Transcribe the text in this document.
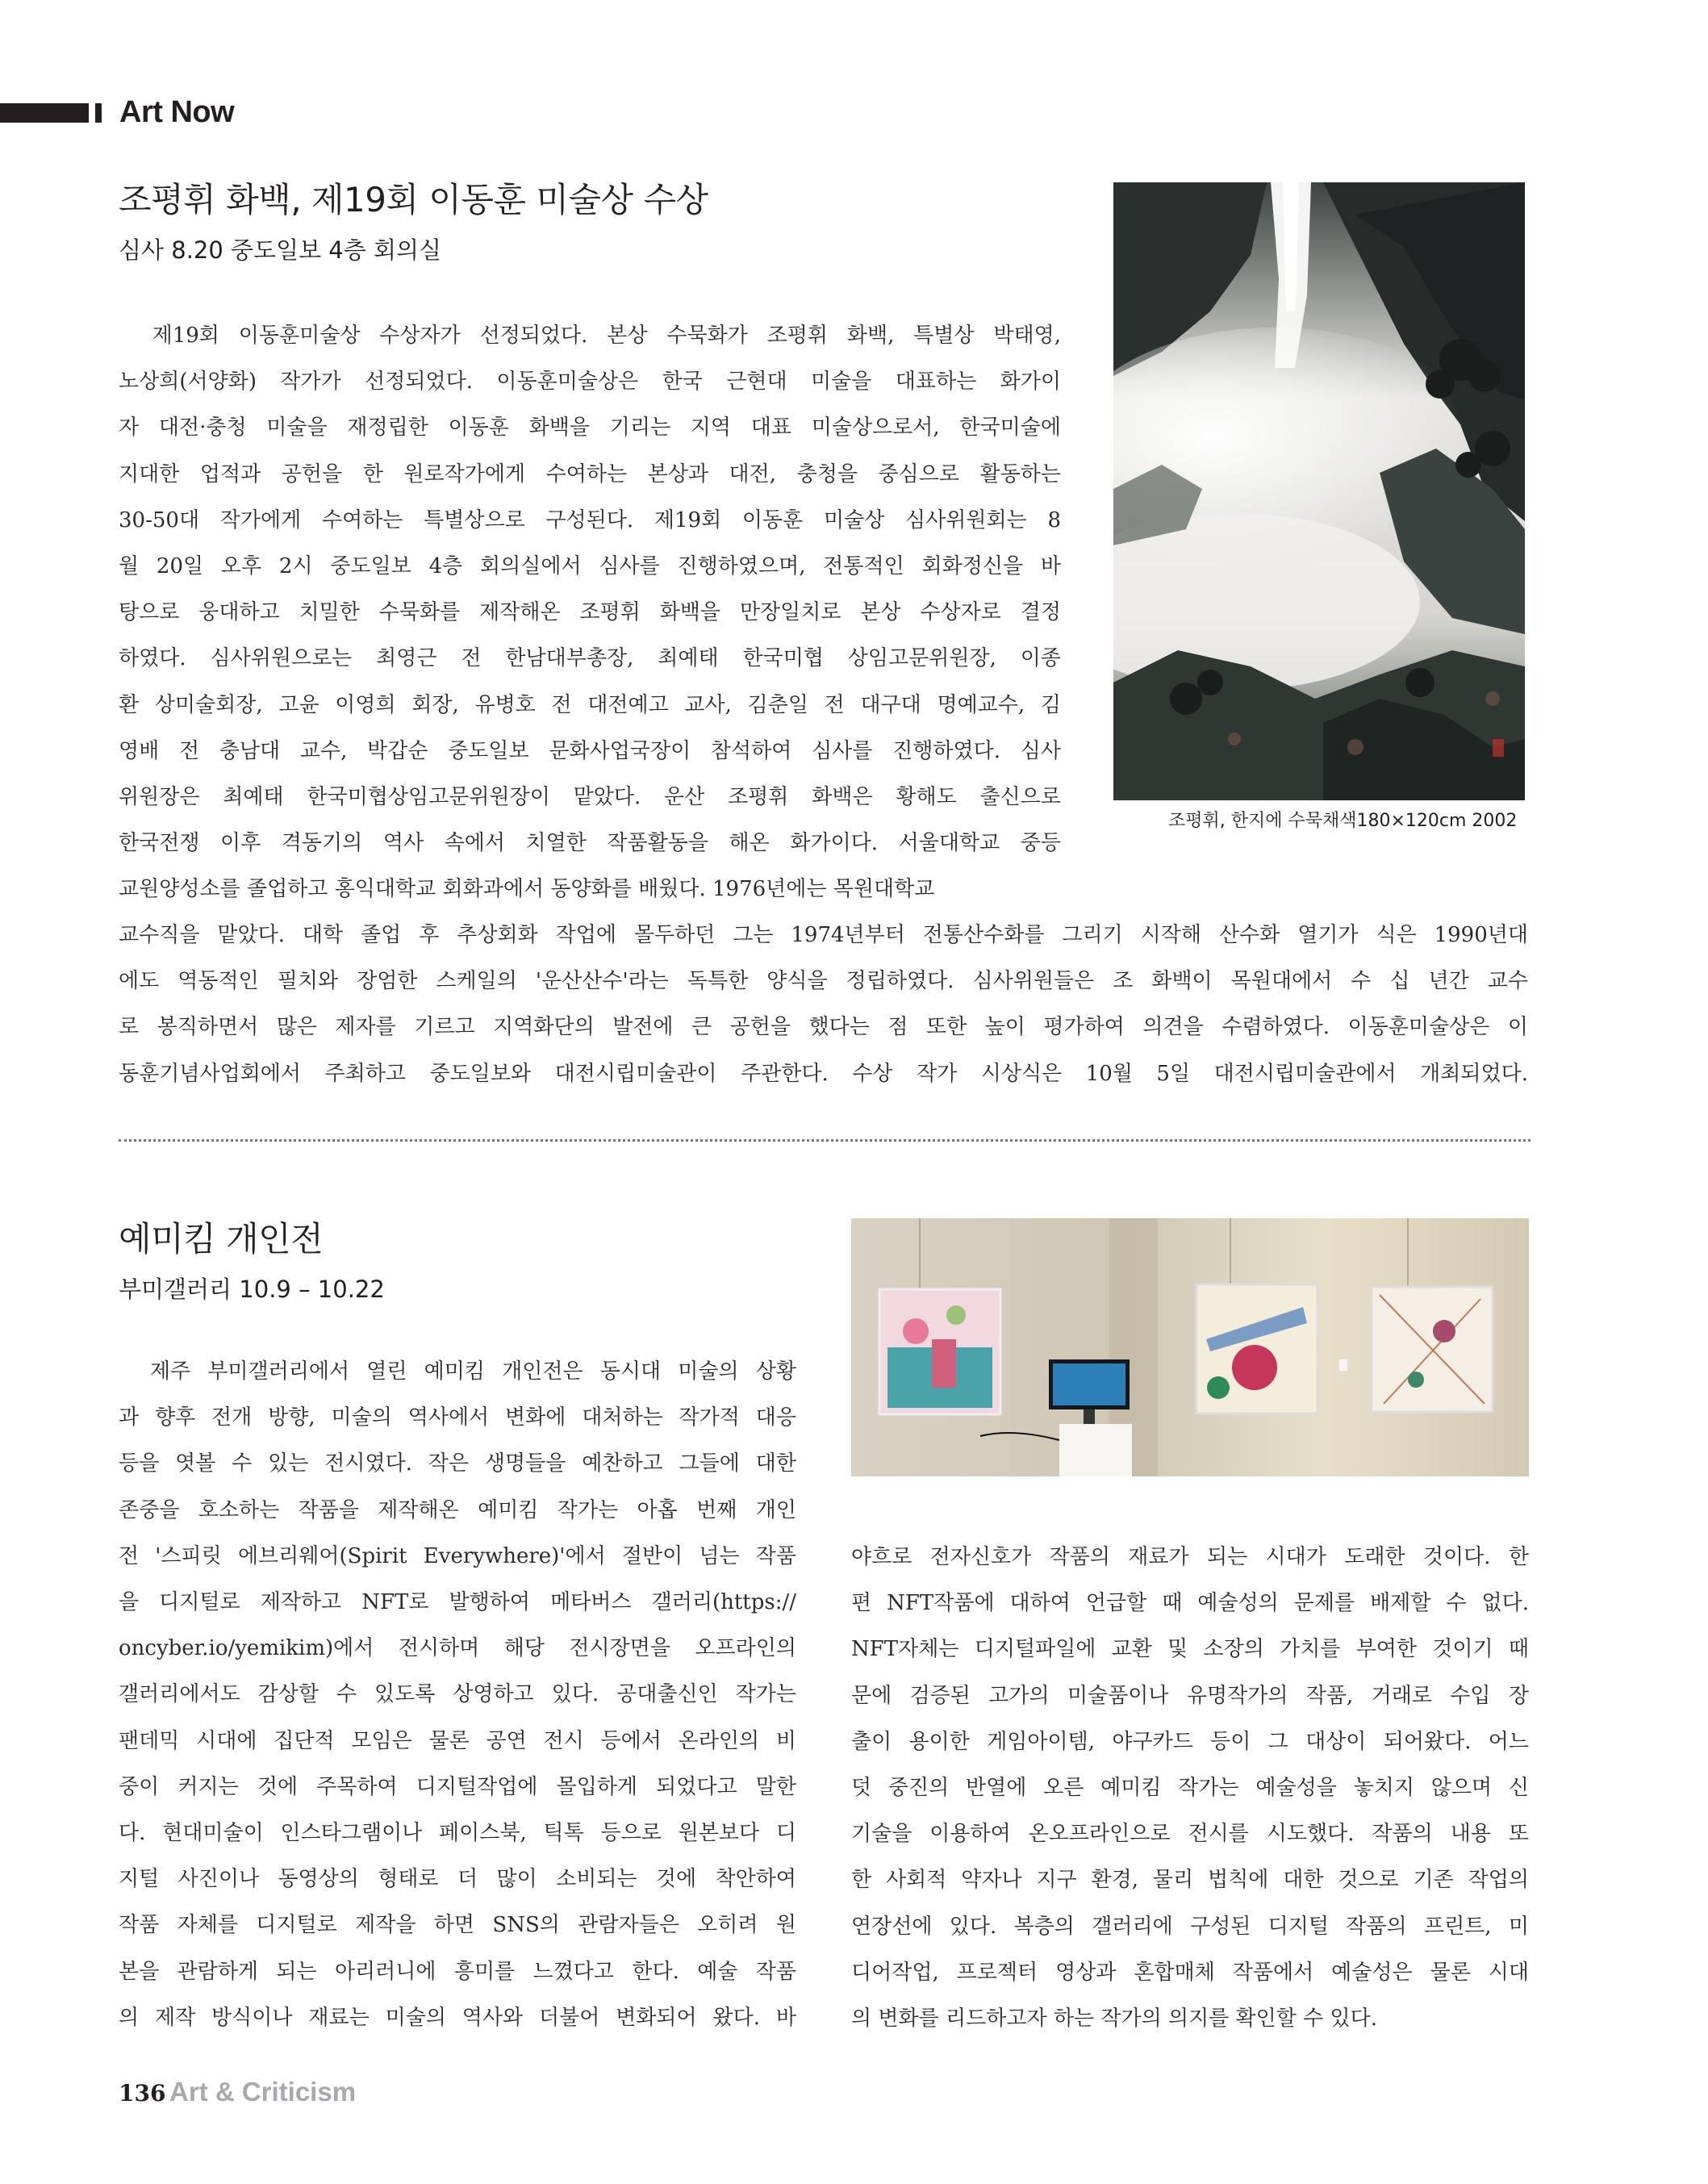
Art Now
조평휘 화백, 제19회 이동훈 미술상 수상
심사 8.20 중도일보 4층 회의실
　제19회 이동훈미술상 수상자가 선정되었다. 본상 수묵화가 조평휘 화백, 특별상 박태영,
노상희(서양화) 작가가 선정되었다. 이동훈미술상은 한국 근현대 미술을 대표하는 화가이
자 대전·충청 미술을 재정립한 이동훈 화백을 기리는 지역 대표 미술상으로서, 한국미술에
지대한 업적과 공헌을 한 원로작가에게 수여하는 본상과 대전, 충청을 중심으로 활동하는
30-50대 작가에게 수여하는 특별상으로 구성된다. 제19회 이동훈 미술상 심사위원회는 8
월 20일 오후 2시 중도일보 4층 회의실에서 심사를 진행하였으며, 전통적인 회화정신을 바
탕으로 웅대하고 치밀한 수묵화를 제작해온 조평휘 화백을 만장일치로 본상 수상자로 결정
하였다. 심사위원으로는 최영근 전 한남대부총장, 최예태 한국미협 상임고문위원장, 이종
환 상미술회장, 고윤 이영희 회장, 유병호 전 대전예고 교사, 김춘일 전 대구대 명예교수, 김
영배 전 충남대 교수, 박갑순 중도일보 문화사업국장이 참석하여 심사를 진행하였다. 심사
위원장은 최예태 한국미협상임고문위원장이 맡았다. 운산 조평휘 화백은 황해도 출신으로
한국전쟁 이후 격동기의 역사 속에서 치열한 작품활동을 해온 화가이다. 서울대학교 중등
교원양성소를 졸업하고 홍익대학교 회화과에서 동양화를 배웠다. 1976년에는 목원대학교
조평휘, 한지에 수묵채색180×120cm 2002
교수직을 맡았다. 대학 졸업 후 추상회화 작업에 몰두하던 그는 1974년부터 전통산수화를 그리기 시작해 산수화 열기가 식은 1990년대
에도 역동적인 필치와 장엄한 스케일의 '운산산수'라는 독특한 양식을 정립하였다. 심사위원들은 조 화백이 목원대에서 수 십 년간 교수
로 봉직하면서 많은 제자를 기르고 지역화단의 발전에 큰 공헌을 했다는 점 또한 높이 평가하여 의견을 수렴하였다. 이동훈미술상은 이
동훈기념사업회에서 주최하고 중도일보와 대전시립미술관이 주관한다. 수상 작가 시상식은 10월 5일 대전시립미술관에서 개최되었다.
예미킴 개인전
부미갤러리 10.9 – 10.22
　제주 부미갤러리에서 열린 예미킴 개인전은 동시대 미술의 상황
과 향후 전개 방향, 미술의 역사에서 변화에 대처하는 작가적 대응
등을 엿볼 수 있는 전시였다. 작은 생명들을 예찬하고 그들에 대한
존중을 호소하는 작품을 제작해온 예미킴 작가는 아홉 번째 개인
전 '스피릿 에브리웨어(Spirit Everywhere)'에서 절반이 넘는 작품
을 디지털로 제작하고 NFT로 발행하여 메타버스 갤러리(https://
oncyber.io/yemikim)에서 전시하며 해당 전시장면을 오프라인의
갤러리에서도 감상할 수 있도록 상영하고 있다. 공대출신인 작가는
팬데믹 시대에 집단적 모임은 물론 공연 전시 등에서 온라인의 비
중이 커지는 것에 주목하여 디지털작업에 몰입하게 되었다고 말한
다. 현대미술이 인스타그램이나 페이스북, 틱톡 등으로 원본보다 디
지털 사진이나 동영상의 형태로 더 많이 소비되는 것에 착안하여
작품 자체를 디지털로 제작을 하면 SNS의 관람자들은 오히려 원
본을 관람하게 되는 아리러니에 흥미를 느꼈다고 한다. 예술 작품
의 제작 방식이나 재료는 미술의 역사와 더불어 변화되어 왔다. 바
야흐로 전자신호가 작품의 재료가 되는 시대가 도래한 것이다. 한
편 NFT작품에 대하여 언급할 때 예술성의 문제를 배제할 수 없다.
NFT자체는 디지털파일에 교환 및 소장의 가치를 부여한 것이기 때
문에 검증된 고가의 미술품이나 유명작가의 작품, 거래로 수입 장
출이 용이한 게임아이템, 야구카드 등이 그 대상이 되어왔다. 어느
덧 중진의 반열에 오른 예미킴 작가는 예술성을 놓치지 않으며 신
기술을 이용하여 온오프라인으로 전시를 시도했다. 작품의 내용 또
한 사회적 약자나 지구 환경, 물리 법칙에 대한 것으로 기존 작업의
연장선에 있다. 복층의 갤러리에 구성된 디지털 작품의 프린트, 미
디어작업, 프로젝터 영상과 혼합매체 작품에서 예술성은 물론 시대
의 변화를 리드하고자 하는 작가의 의지를 확인할 수 있다.
136 Art & Criticism
